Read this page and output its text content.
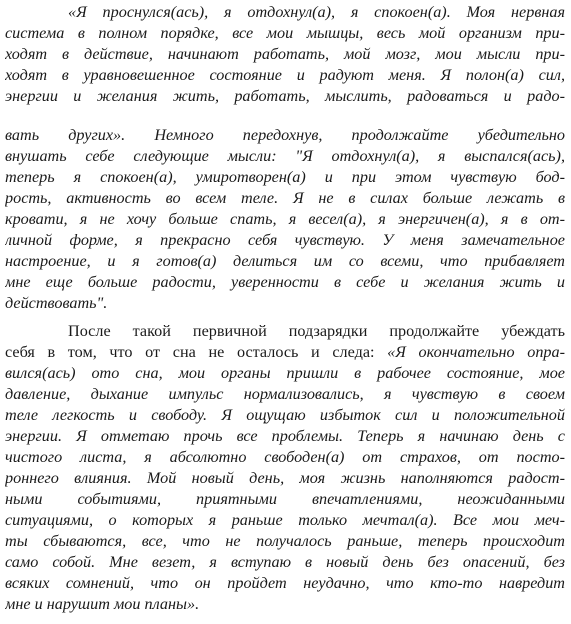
«Я проснулся(ась), я отдохнул(а), я спокоен(а). Моя нервная
система в полном порядке, все мои мышцы, весь мой организм при-
ходят в действие, начинают работать, мой мозг, мои мысли при-
ходят в уравновешенное состояние и радуют меня. Я полон(а) сил,
энергии и желания жить, работать, мыслить, радоваться и радо-
вать других». Немного передохнув, продолжайте убедительно
внушать себе следующие мысли: "Я отдохнул(а), я выспался(ась),
теперь я спокоен(а), умиротворен(а) и при этом чувствую бод-
рость, активность во всем теле. Я не в силах больше лежать в
кровати, я не хочу больше спать, я весел(а), я энергичен(а), я в от-
личной форме, я прекрасно себя чувствую. У меня замечательное
настроение, и я готов(а) делиться им со всеми, что прибавляет
мне еще больше радости, уверенности в себе и желания жить и
действовать".
После такой первичной подзарядки продолжайте убеждать
себя в том, что от сна не осталось и следа: «Я окончательно опра-
вился(ась) ото сна, мои органы пришли в рабочее состояние, мое
давление, дыхание импульс нормализовались, я чувствую в своем
теле легкость и свободу. Я ощущаю избыток сил и положительной
энергии. Я отметаю прочь все проблемы. Теперь я начинаю день с
чистого листа, я абсолютно свободен(а) от страхов, от посто-
роннего влияния. Мой новый день, моя жизнь наполняются радост-
ными событиями, приятными впечатлениями, неожиданными
ситуациями, о которых я раньше только мечтал(а). Все мои меч-
ты сбываются, все, что не получалось раньше, теперь происходит
само собой. Мне везет, я вступаю в новый день без опасений, без
всяких сомнений, что он пройдет неудачно, что кто-то навредит
мне и нарушит мои планы».
